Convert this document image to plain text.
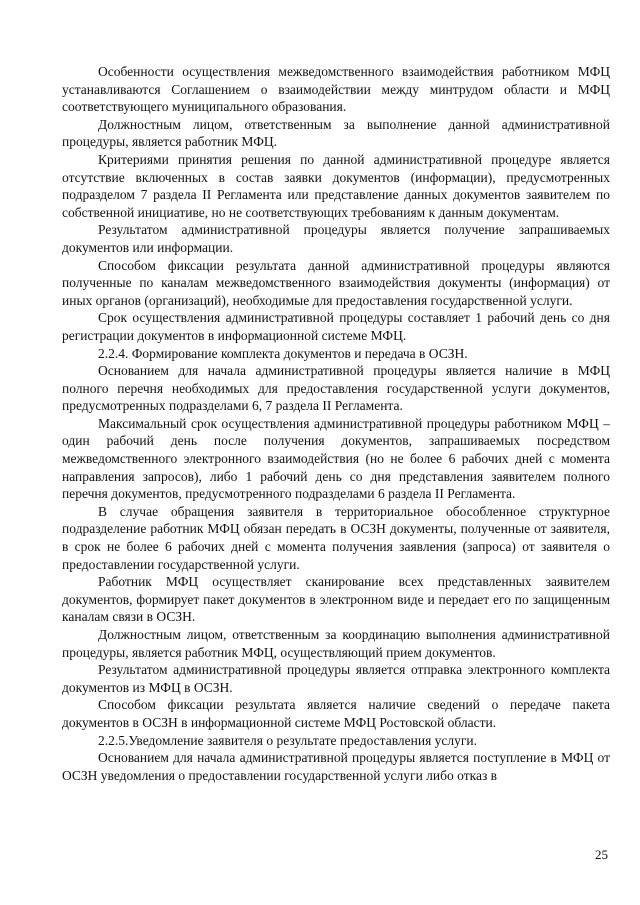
Особенности осуществления межведомственного взаимодействия работником МФЦ устанавливаются Соглашением о взаимодействии между минтрудом области и МФЦ соответствующего муниципального образования.

Должностным лицом, ответственным за выполнение данной административной процедуры, является работник МФЦ.

Критериями принятия решения по данной административной процедуре является отсутствие включенных в состав заявки документов (информации), предусмотренных подразделом 7 раздела II Регламента или представление данных документов заявителем по собственной инициативе, но не соответствующих требованиям к данным документам.

Результатом административной процедуры является получение запрашиваемых документов или информации.

Способом фиксации результата данной административной процедуры являются полученные по каналам межведомственного взаимодействия документы (информация) от иных органов (организаций), необходимые для предоставления государственной услуги.

Срок осуществления административной процедуры составляет 1 рабочий день со дня регистрации документов в информационной системе МФЦ.

2.2.4. Формирование комплекта документов и передача в ОСЗН.

Основанием для начала административной процедуры является наличие в МФЦ полного перечня необходимых для предоставления государственной услуги документов, предусмотренных подразделами 6, 7 раздела II Регламента.

Максимальный срок осуществления административной процедуры работником МФЦ – один рабочий день после получения документов, запрашиваемых посредством межведомственного электронного взаимодействия (но не более 6 рабочих дней с момента направления запросов), либо 1 рабочий день со дня представления заявителем полного перечня документов, предусмотренного подразделами 6 раздела II Регламента.

В случае обращения заявителя в территориальное обособленное структурное подразделение работник МФЦ обязан передать в ОСЗН документы, полученные от заявителя, в срок не более 6 рабочих дней с момента получения заявления (запроса) от заявителя о предоставлении государственной услуги.

Работник МФЦ осуществляет сканирование всех представленных заявителем документов, формирует пакет документов в электронном виде и передает его по защищенным каналам связи в ОСЗН.

Должностным лицом, ответственным за координацию выполнения административной процедуры, является работник МФЦ, осуществляющий прием документов.

Результатом административной процедуры является отправка электронного комплекта документов из МФЦ в ОСЗН.

Способом фиксации результата является наличие сведений о передаче пакета документов в ОСЗН в информационной системе МФЦ Ростовской области.

2.2.5.Уведомление заявителя о результате предоставления услуги.

Основанием для начала административной процедуры является поступление в МФЦ от ОСЗН уведомления о предоставлении государственной услуги либо отказ в

25
